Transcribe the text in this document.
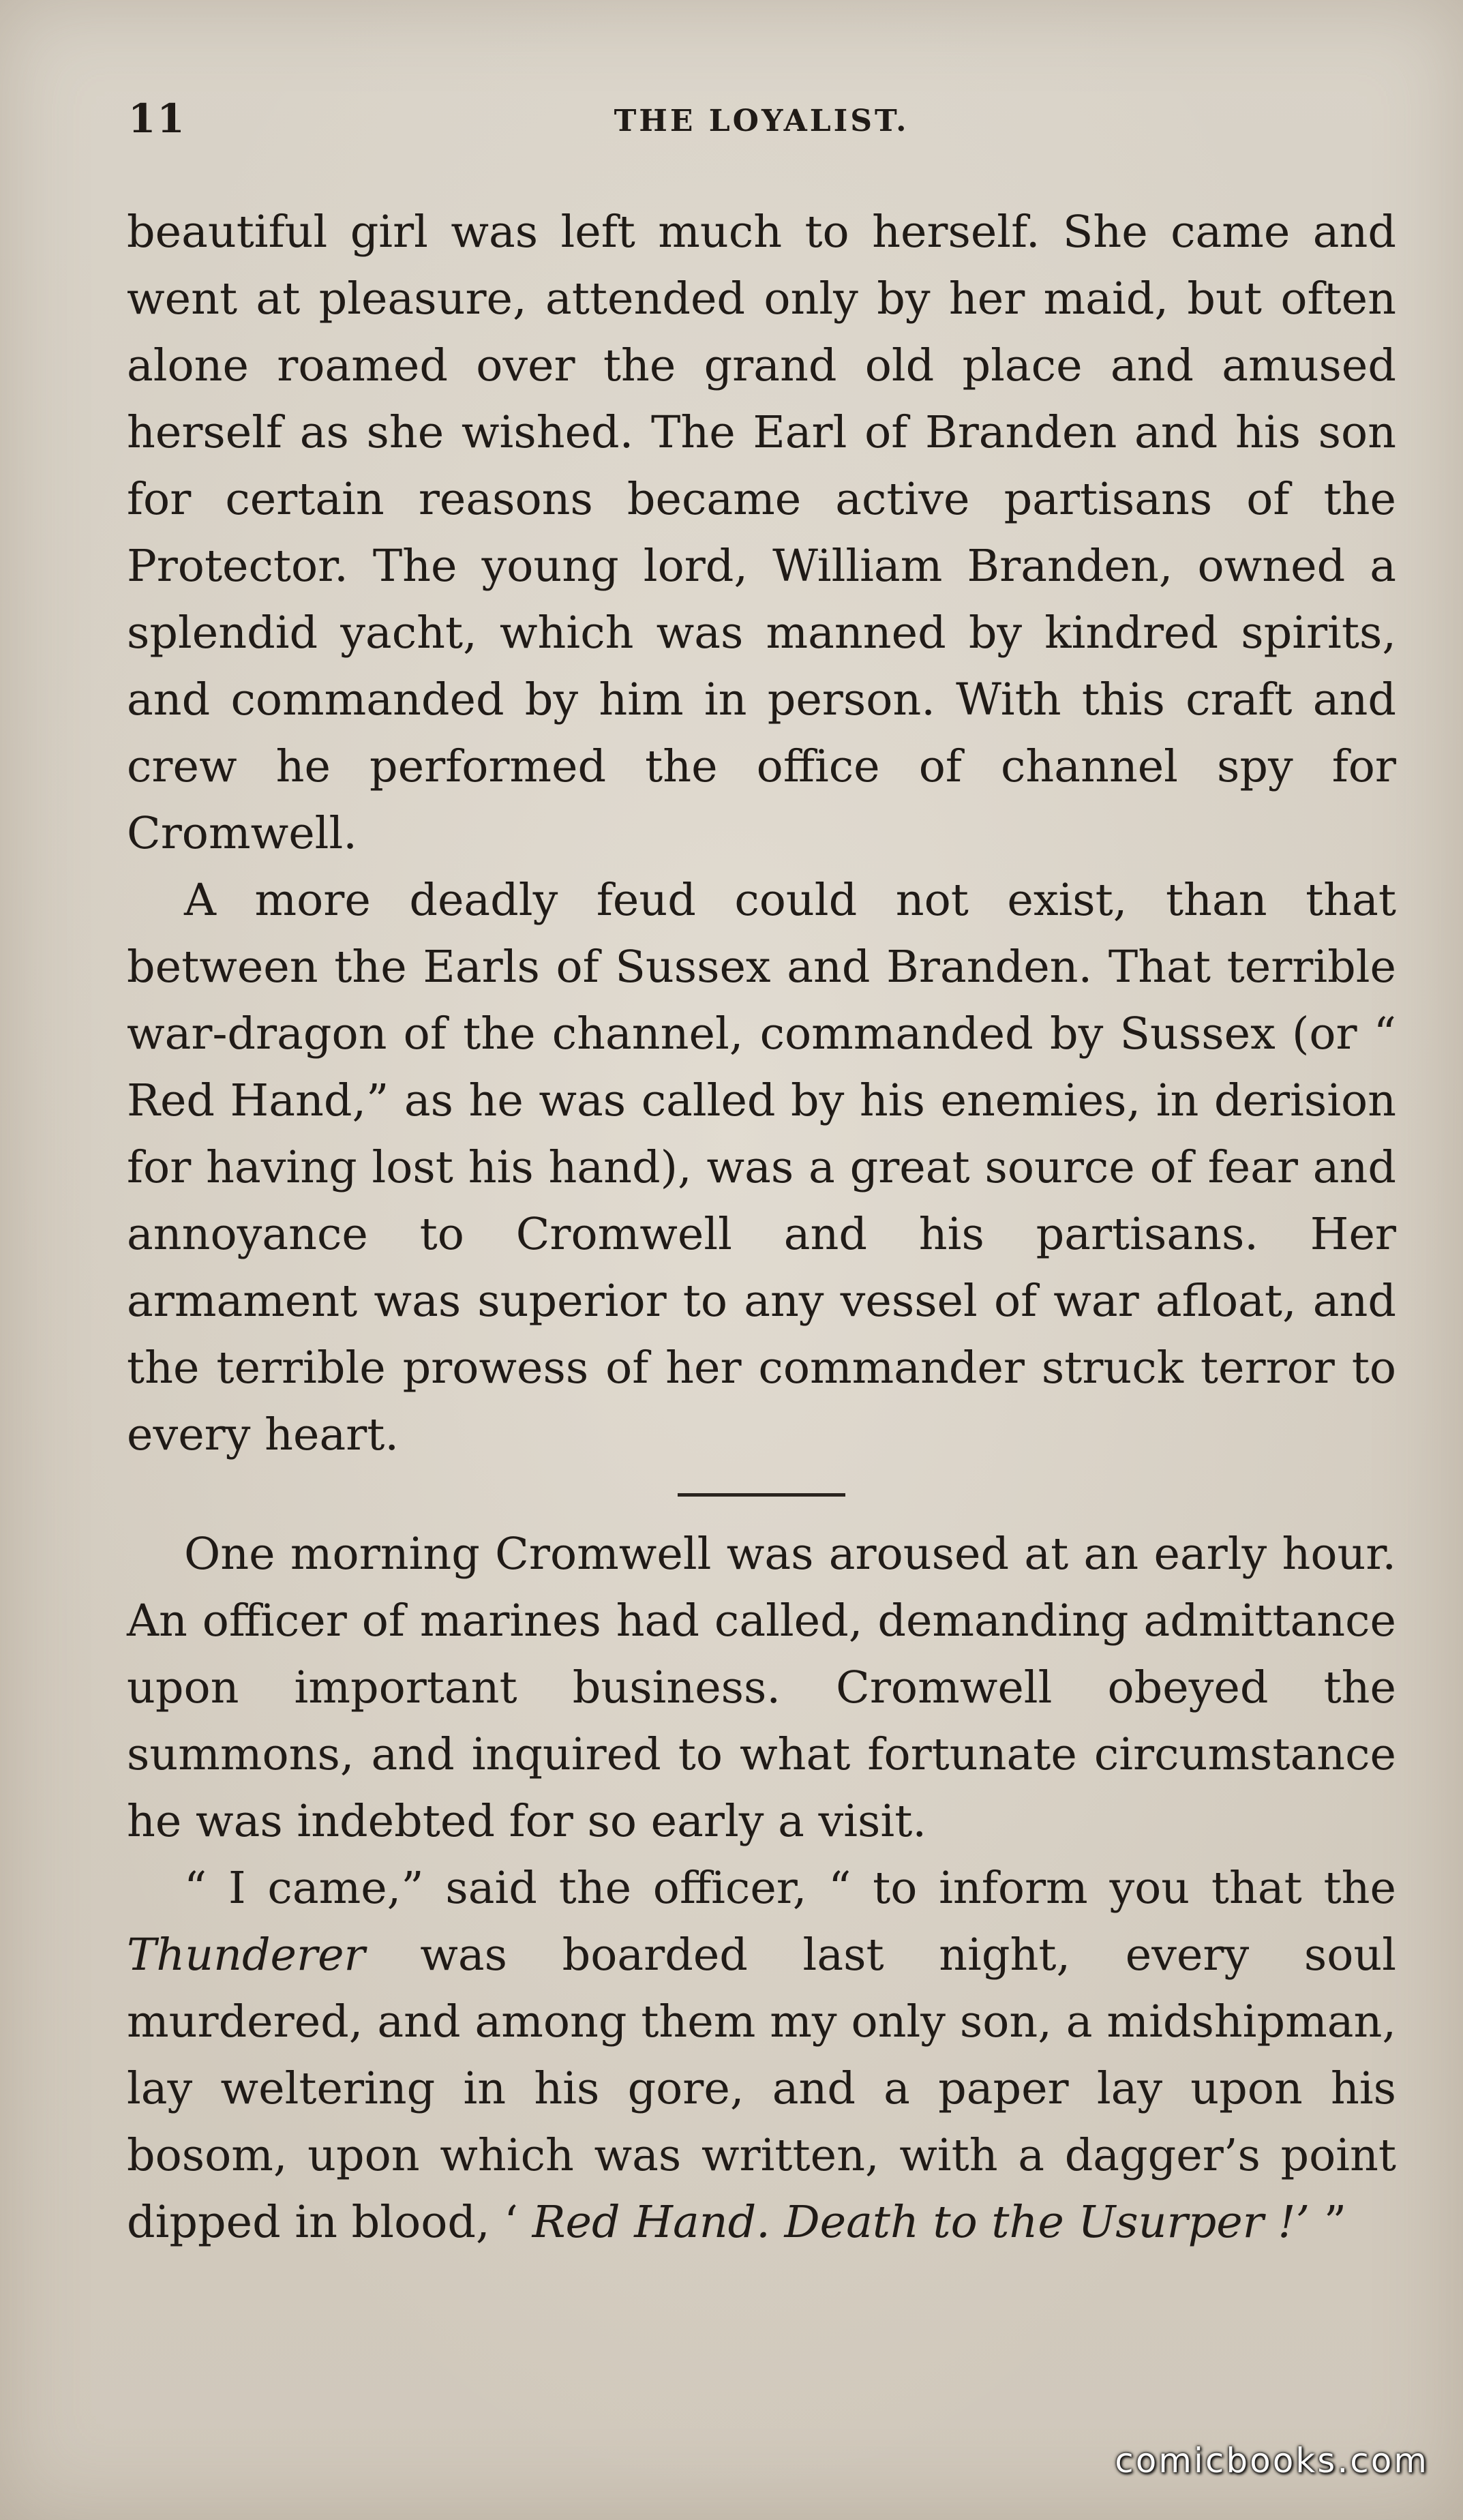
11	THE LOYALIST.

beautiful girl was left much to herself. She came and went at pleasure, attended only by her maid, but often alone roamed over the grand old place and amused herself as she wished. The Earl of Branden and his son for certain reasons became active partisans of the Protector. The young lord, William Branden, owned a splendid yacht, which was manned by kindred spirits, and commanded by him in person. With this craft and crew he performed the office of channel spy for Cromwell.

A more deadly feud could not exist, than that between the Earls of Sussex and Branden. That terrible war-dragon of the channel, commanded by Sussex (or “ Red Hand,” as he was called by his enemies, in derision for having lost his hand), was a great source of fear and annoyance to Cromwell and his partisans. Her armament was superior to any vessel of war afloat, and the terrible prowess of her commander struck terror to every heart.

One morning Cromwell was aroused at an early hour. An officer of marines had called, demanding admittance upon important business. Cromwell obeyed the summons, and inquired to what fortunate circumstance he was indebted for so early a visit.

“ I came,” said the officer, “ to inform you that the Thunderer was boarded last night, every soul murdered, and among them my only son, a midshipman, lay weltering in his gore, and a paper lay upon his bosom, upon which was written, with a dagger’s point dipped in blood, ‘ Red Hand. Death to the Usurper !’ ”

comicbooks.com
